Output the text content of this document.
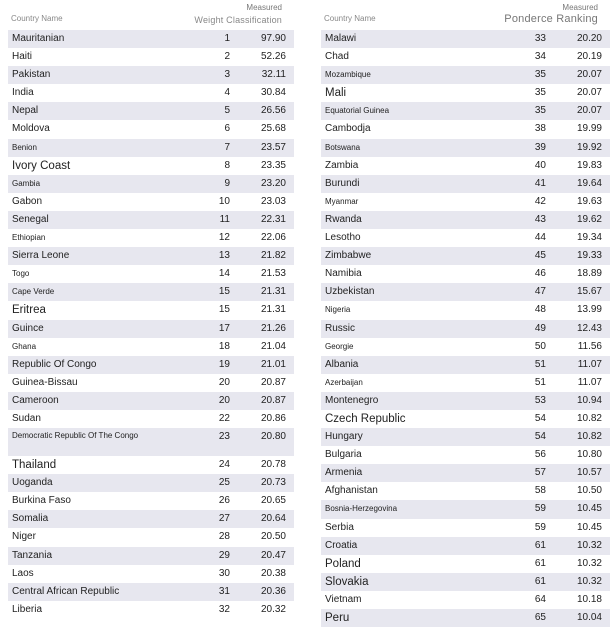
Country Name
Measured
Weight Classification
Mauritanian	1	97.90
Haiti	2	52.26
Pakistan	3	32.11
India	4	30.84
Nepal	5	26.56
Moldova	6	25.68
Benion	7	23.57
Ivory Coast	8	23.35
Gambia	9	23.20
Gabon	10	23.03
Senegal	11	22.31
Ethiopian	12	22.06
Sierra Leone	13	21.82
Togo	14	21.53
Cape Verde	15	21.31
Eritrea	15	21.31
Guince	17	21.26
Ghana	18	21.04
Republic Of Congo	19	21.01
Guinea-Bissau	20	20.87
Cameroon	20	20.87
Sudan	22	20.86
Democratic Republic Of The Congo	23	20.80
Thailand	24	20.78
Uoganda	25	20.73
Burkina Faso	26	20.65
Somalia	27	20.64
Niger	28	20.50
Tanzania	29	20.47
Laos	30	20.38
Central African Republic	31	20.36
Liberia	32	20.32
Country Name
Measured
Ponderce Ranking
Malawi	33	20.20
Chad	34	20.19
Mozambique	35	20.07
Mali	35	20.07
Equatorial Guinea	35	20.07
Cambodja	38	19.99
Botswana	39	19.92
Zambia	40	19.83
Burundi	41	19.64
Myanmar	42	19.63
Rwanda	43	19.62
Lesotho	44	19.34
Zimbabwe	45	19.33
Namibia	46	18.89
Uzbekistan	47	15.67
Nigeria	48	13.99
Russic	49	12.43
Georgie	50	11.56
Albania	51	11.07
Azerbaijan	51	11.07
Montenegro	53	10.94
Czech Republic	54	10.82
Hungary	54	10.82
Bulgaria	56	10.80
Armenia	57	10.57
Afghanistan	58	10.50
Bosnia-Herzegovina	59	10.45
Serbia	59	10.45
Croatia	61	10.32
Poland	61	10.32
Slovakia	61	10.32
Vietnam	64	10.18
Peru	65	10.04
